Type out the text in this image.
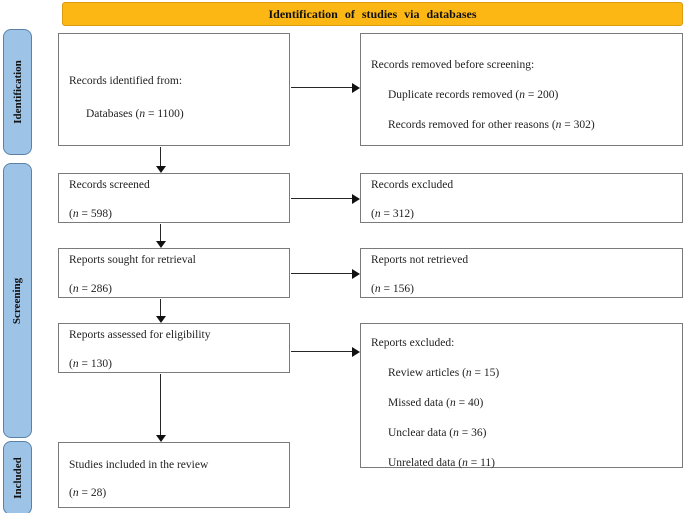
Identification of studies via databases
Identification
Screening
Included
Records identified from:
Databases (n = 1100)
Records screened
(n = 598)
Reports sought for retrieval
(n = 286)
Reports assessed for eligibility
(n = 130)
Studies included in the review
(n = 28)
Records removed before screening:
Duplicate records removed (n = 200)
Records removed for other reasons (n = 302)
Records excluded
(n = 312)
Reports not retrieved
(n = 156)
Reports excluded:
Review articles (n = 15)
Missed data (n = 40)
Unclear data (n = 36)
Unrelated data (n = 11)
